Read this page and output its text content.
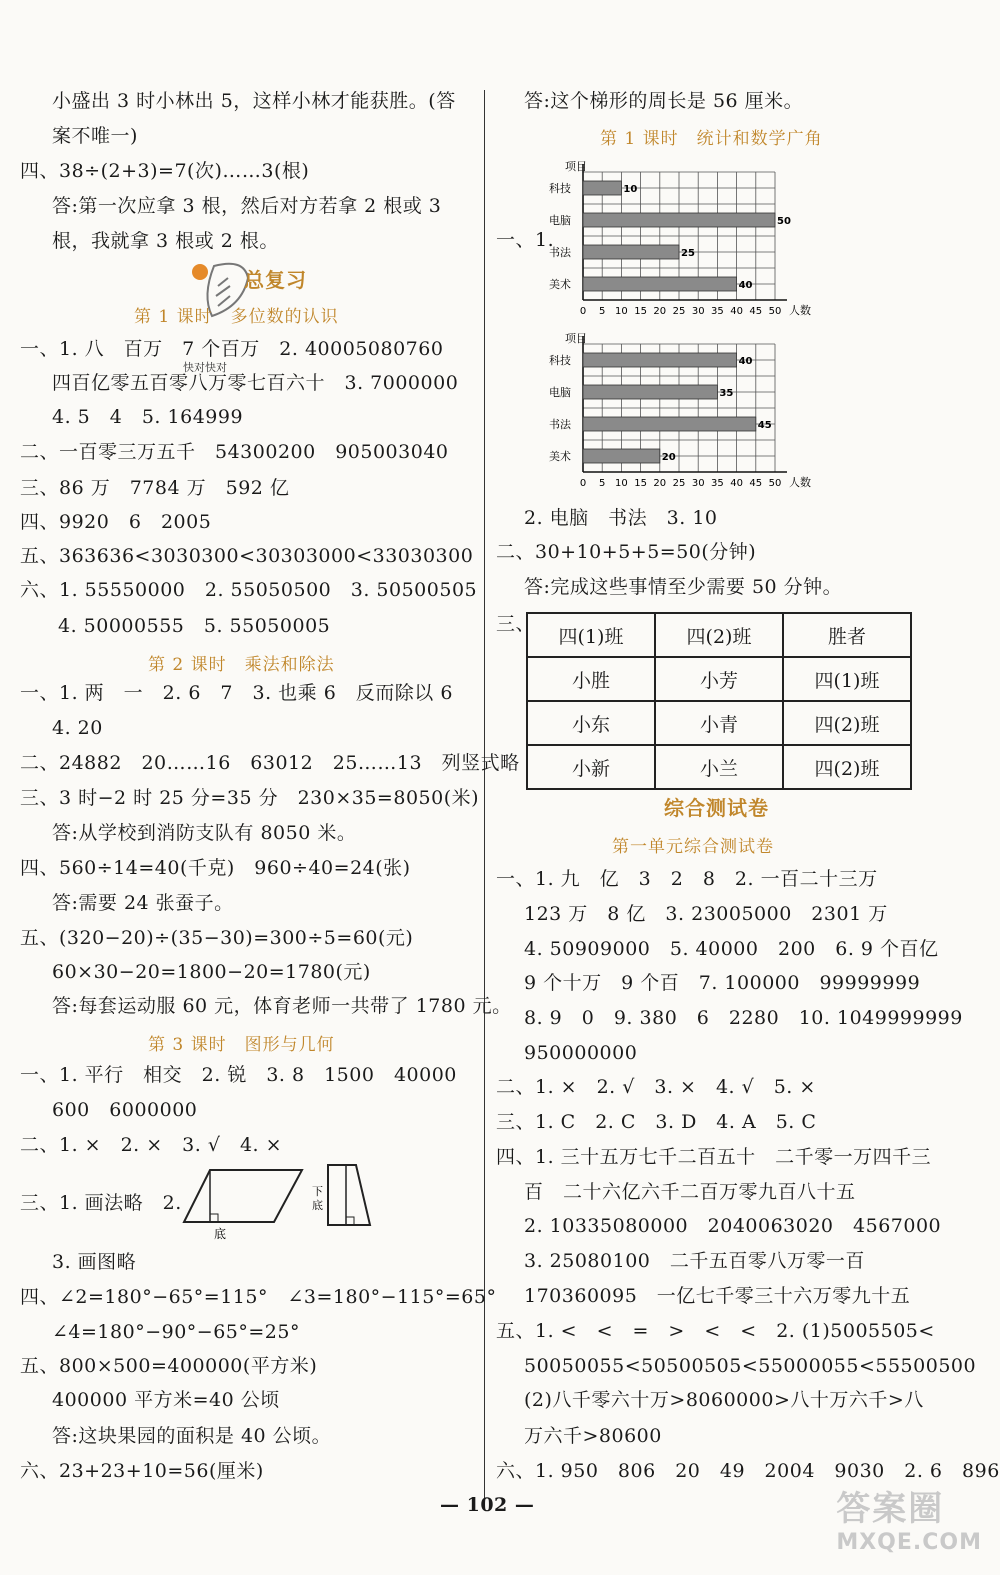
小盛出 3 时小林出 5，这样小林才能获胜。(答
案不唯一)
四、38÷(2+3)=7(次)……3(根)
答:第一次应拿 3 根，然后对方若拿 2 根或 3
根，我就拿 3 根或 2 根。
总复习
快对快对
第 1 课时　多位数的认识
一、1. 八　百万　7 个百万　2. 40005080760
四百亿零五百零八万零七百六十　3. 7000000
4. 5　4　5. 164999
二、一百零三万五千　54300200　905003040
三、86 万　7784 万　592 亿
四、9920　6　2005
五、363636<3030300<30303000<33030300
六、1. 55550000　2. 55050500　3. 50500505
4. 50000555　5. 55050005
第 2 课时　乘法和除法
一、1. 两　一　2. 6　7　3. 也乘 6　反而除以 6
4. 20
二、24882　20……16　63012　25……13　列竖式略
三、3 时−2 时 25 分=35 分　230×35=8050(米)
答:从学校到消防支队有 8050 米。
四、560÷14=40(千克)　960÷40=24(张)
答:需要 24 张蚕子。
五、(320−20)÷(35−30)=300÷5=60(元)
60×30−20=1800−20=1780(元)
答:每套运动服 60 元，体育老师一共带了 1780 元。
第 3 课时　图形与几何
一、1. 平行　相交　2. 锐　3. 8　1500　40000
600　6000000
二、1. ×　2. ×　3. √　4. ×
三、1. 画法略　2.
底
下
底
3. 画图略
四、∠2=180°−65°=115°　∠3=180°−115°=65°
∠4=180°−90°−65°=25°
五、800×500=400000(平方米)
400000 平方米=40 公顷
答:这块果园的面积是 40 公顷。
六、23+23+10=56(厘米)
答:这个梯形的周长是 56 厘米。
第 1 课时　统计和数学广角
一、1.
项目
0 5 10 15 20 25 30 35 40 45 50 人数
科技	10
电脑	50
书法	25
美术	40
项目
0 5 10 15 20 25 30 35 40 45 50 人数
科技	40
电脑	35
书法	45
美术	20
2. 电脑　书法　3. 10
二、30+10+5+5=50(分钟)
答:完成这些事情至少需要 50 分钟。
三、
四(1)班	四(2)班	胜者
小胜	小芳	四(1)班
小东	小青	四(2)班
小新	小兰	四(2)班
综合测试卷
第一单元综合测试卷
一、1. 九　亿　3　2　8　2. 一百二十三万
123 万　8 亿　3. 23005000　2301 万
4. 50909000　5. 40000　200　6. 9 个百亿
9 个十万　9 个百　7. 100000　99999999
8. 9　0　9. 380　6　2280　10. 1049999999
950000000
二、1. ×　2. √　3. ×　4. √　5. ×
三、1. C　2. C　3. D　4. A　5. C
四、1. 三十五万七千二百五十　二千零一万四千三
百　二十六亿六千二百万零九百八十五
2. 10335080000　2040063020　4567000
3. 25080100　二千五百零八万零一百
170360095　一亿七千零三十六万零九十五
五、1. <　<　=　>　<　<　2. (1)5005505<
50050055<50500505<55000055<55500500
(2)八千零六十万>8060000>八十万六千>八
万六千>80600
六、1. 950　806　20　49　2004　9030　2. 6　896
— 102 —	答案圈
MXQE.COM
